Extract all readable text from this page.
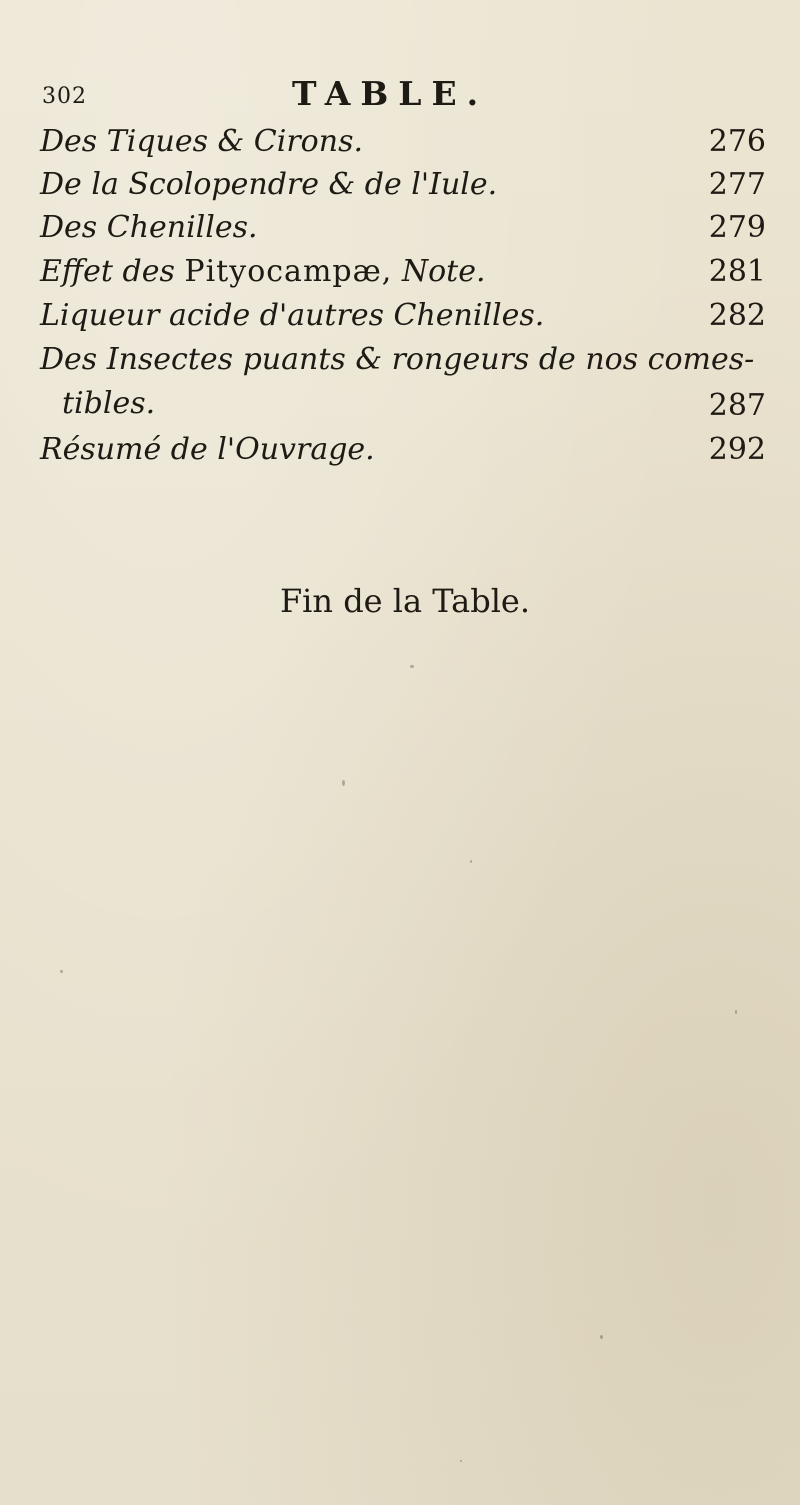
302	TABLE.
Des Tiques & Cirons.	276
De la Scolopendre & de l'Iule.	277
Des Chenilles.	279
Effet des Pityocampæ, Note.	281
Liqueur acide d'autres Chenilles.	282
Des Insectes puants & rongeurs de nos comes-
tibles.	287
Résumé de l'Ouvrage.	292
Fin de la Table.
